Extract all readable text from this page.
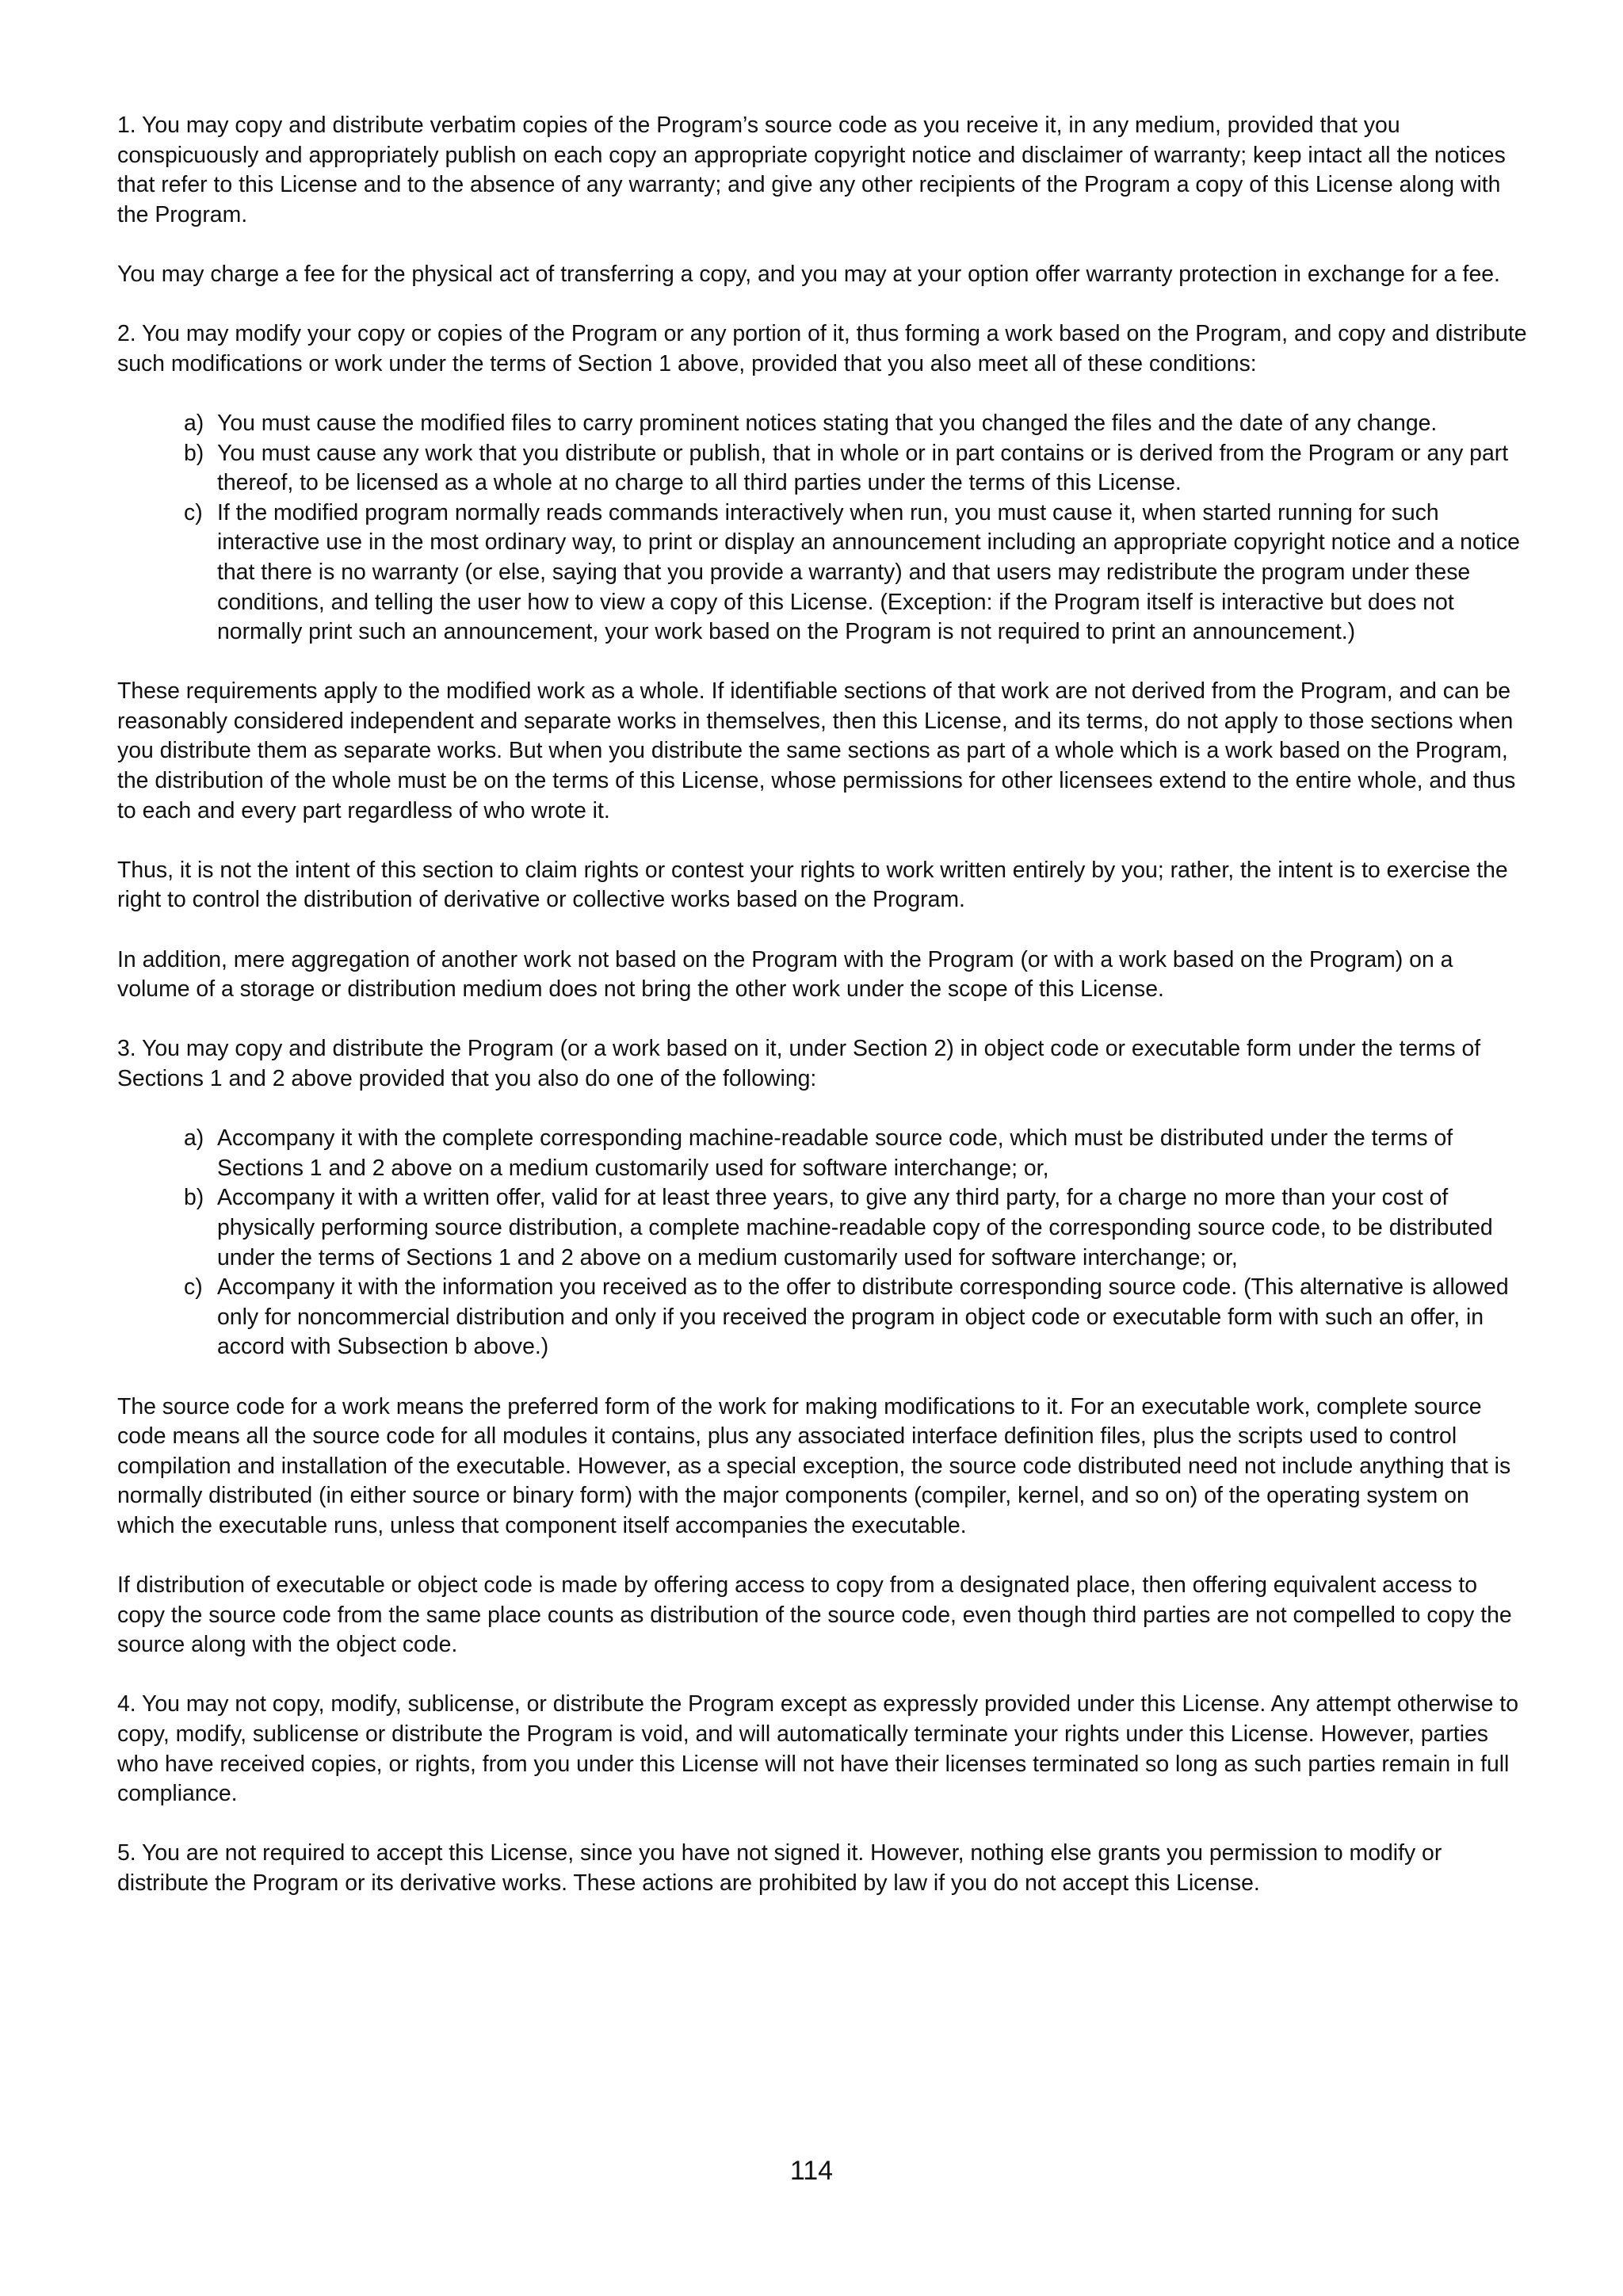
1. You may copy and distribute verbatim copies of the Program’s source code as you receive it, in any medium, provided that you conspicuously and appropriately publish on each copy an appropriate copyright notice and disclaimer of warranty; keep intact all the notices that refer to this License and to the absence of any warranty; and give any other recipients of the Program a copy of this License along with the Program.

You may charge a fee for the physical act of transferring a copy, and you may at your option offer warranty protection in exchange for a fee.

2. You may modify your copy or copies of the Program or any portion of it, thus forming a work based on the Program, and copy and distribute such modifications or work under the terms of Section 1 above, provided that you also meet all of these conditions:

a) You must cause the modified files to carry prominent notices stating that you changed the files and the date of any change.
b) You must cause any work that you distribute or publish, that in whole or in part contains or is derived from the Program or any part thereof, to be licensed as a whole at no charge to all third parties under the terms of this License.
c) If the modified program normally reads commands interactively when run, you must cause it, when started running for such interactive use in the most ordinary way, to print or display an announcement including an appropriate copyright notice and a notice that there is no warranty (or else, saying that you provide a warranty) and that users may redistribute the program under these conditions, and telling the user how to view a copy of this License. (Exception: if the Program itself is interactive but does not normally print such an announcement, your work based on the Program is not required to print an announcement.)

These requirements apply to the modified work as a whole. If identifiable sections of that work are not derived from the Program, and can be reasonably considered independent and separate works in themselves, then this License, and its terms, do not apply to those sections when you distribute them as separate works. But when you distribute the same sections as part of a whole which is a work based on the Program, the distribution of the whole must be on the terms of this License, whose permissions for other licensees extend to the entire whole, and thus to each and every part regardless of who wrote it.

Thus, it is not the intent of this section to claim rights or contest your rights to work written entirely by you; rather, the intent is to exercise the right to control the distribution of derivative or collective works based on the Program.

In addition, mere aggregation of another work not based on the Program with the Program (or with a work based on the Program) on a volume of a storage or distribution medium does not bring the other work under the scope of this License.

3. You may copy and distribute the Program (or a work based on it, under Section 2) in object code or executable form under the terms of Sections 1 and 2 above provided that you also do one of the following:

a) Accompany it with the complete corresponding machine-readable source code, which must be distributed under the terms of Sections 1 and 2 above on a medium customarily used for software interchange; or,
b) Accompany it with a written offer, valid for at least three years, to give any third party, for a charge no more than your cost of physically performing source distribution, a complete machine-readable copy of the corresponding source code, to be distributed under the terms of Sections 1 and 2 above on a medium customarily used for software interchange; or,
c) Accompany it with the information you received as to the offer to distribute corresponding source code. (This alternative is allowed only for noncommercial distribution and only if you received the program in object code or executable form with such an offer, in accord with Subsection b above.)

The source code for a work means the preferred form of the work for making modifications to it. For an executable work, complete source code means all the source code for all modules it contains, plus any associated interface definition files, plus the scripts used to control compilation and installation of the executable. However, as a special exception, the source code distributed need not include anything that is normally distributed (in either source or binary form) with the major components (compiler, kernel, and so on) of the operating system on which the executable runs, unless that component itself accompanies the executable.

If distribution of executable or object code is made by offering access to copy from a designated place, then offering equivalent access to copy the source code from the same place counts as distribution of the source code, even though third parties are not compelled to copy the source along with the object code.

4. You may not copy, modify, sublicense, or distribute the Program except as expressly provided under this License. Any attempt otherwise to copy, modify, sublicense or distribute the Program is void, and will automatically terminate your rights under this License. However, parties who have received copies, or rights, from you under this License will not have their licenses terminated so long as such parties remain in full compliance.

5. You are not required to accept this License, since you have not signed it. However, nothing else grants you permission to modify or distribute the Program or its derivative works. These actions are prohibited by law if you do not accept this License.

114
